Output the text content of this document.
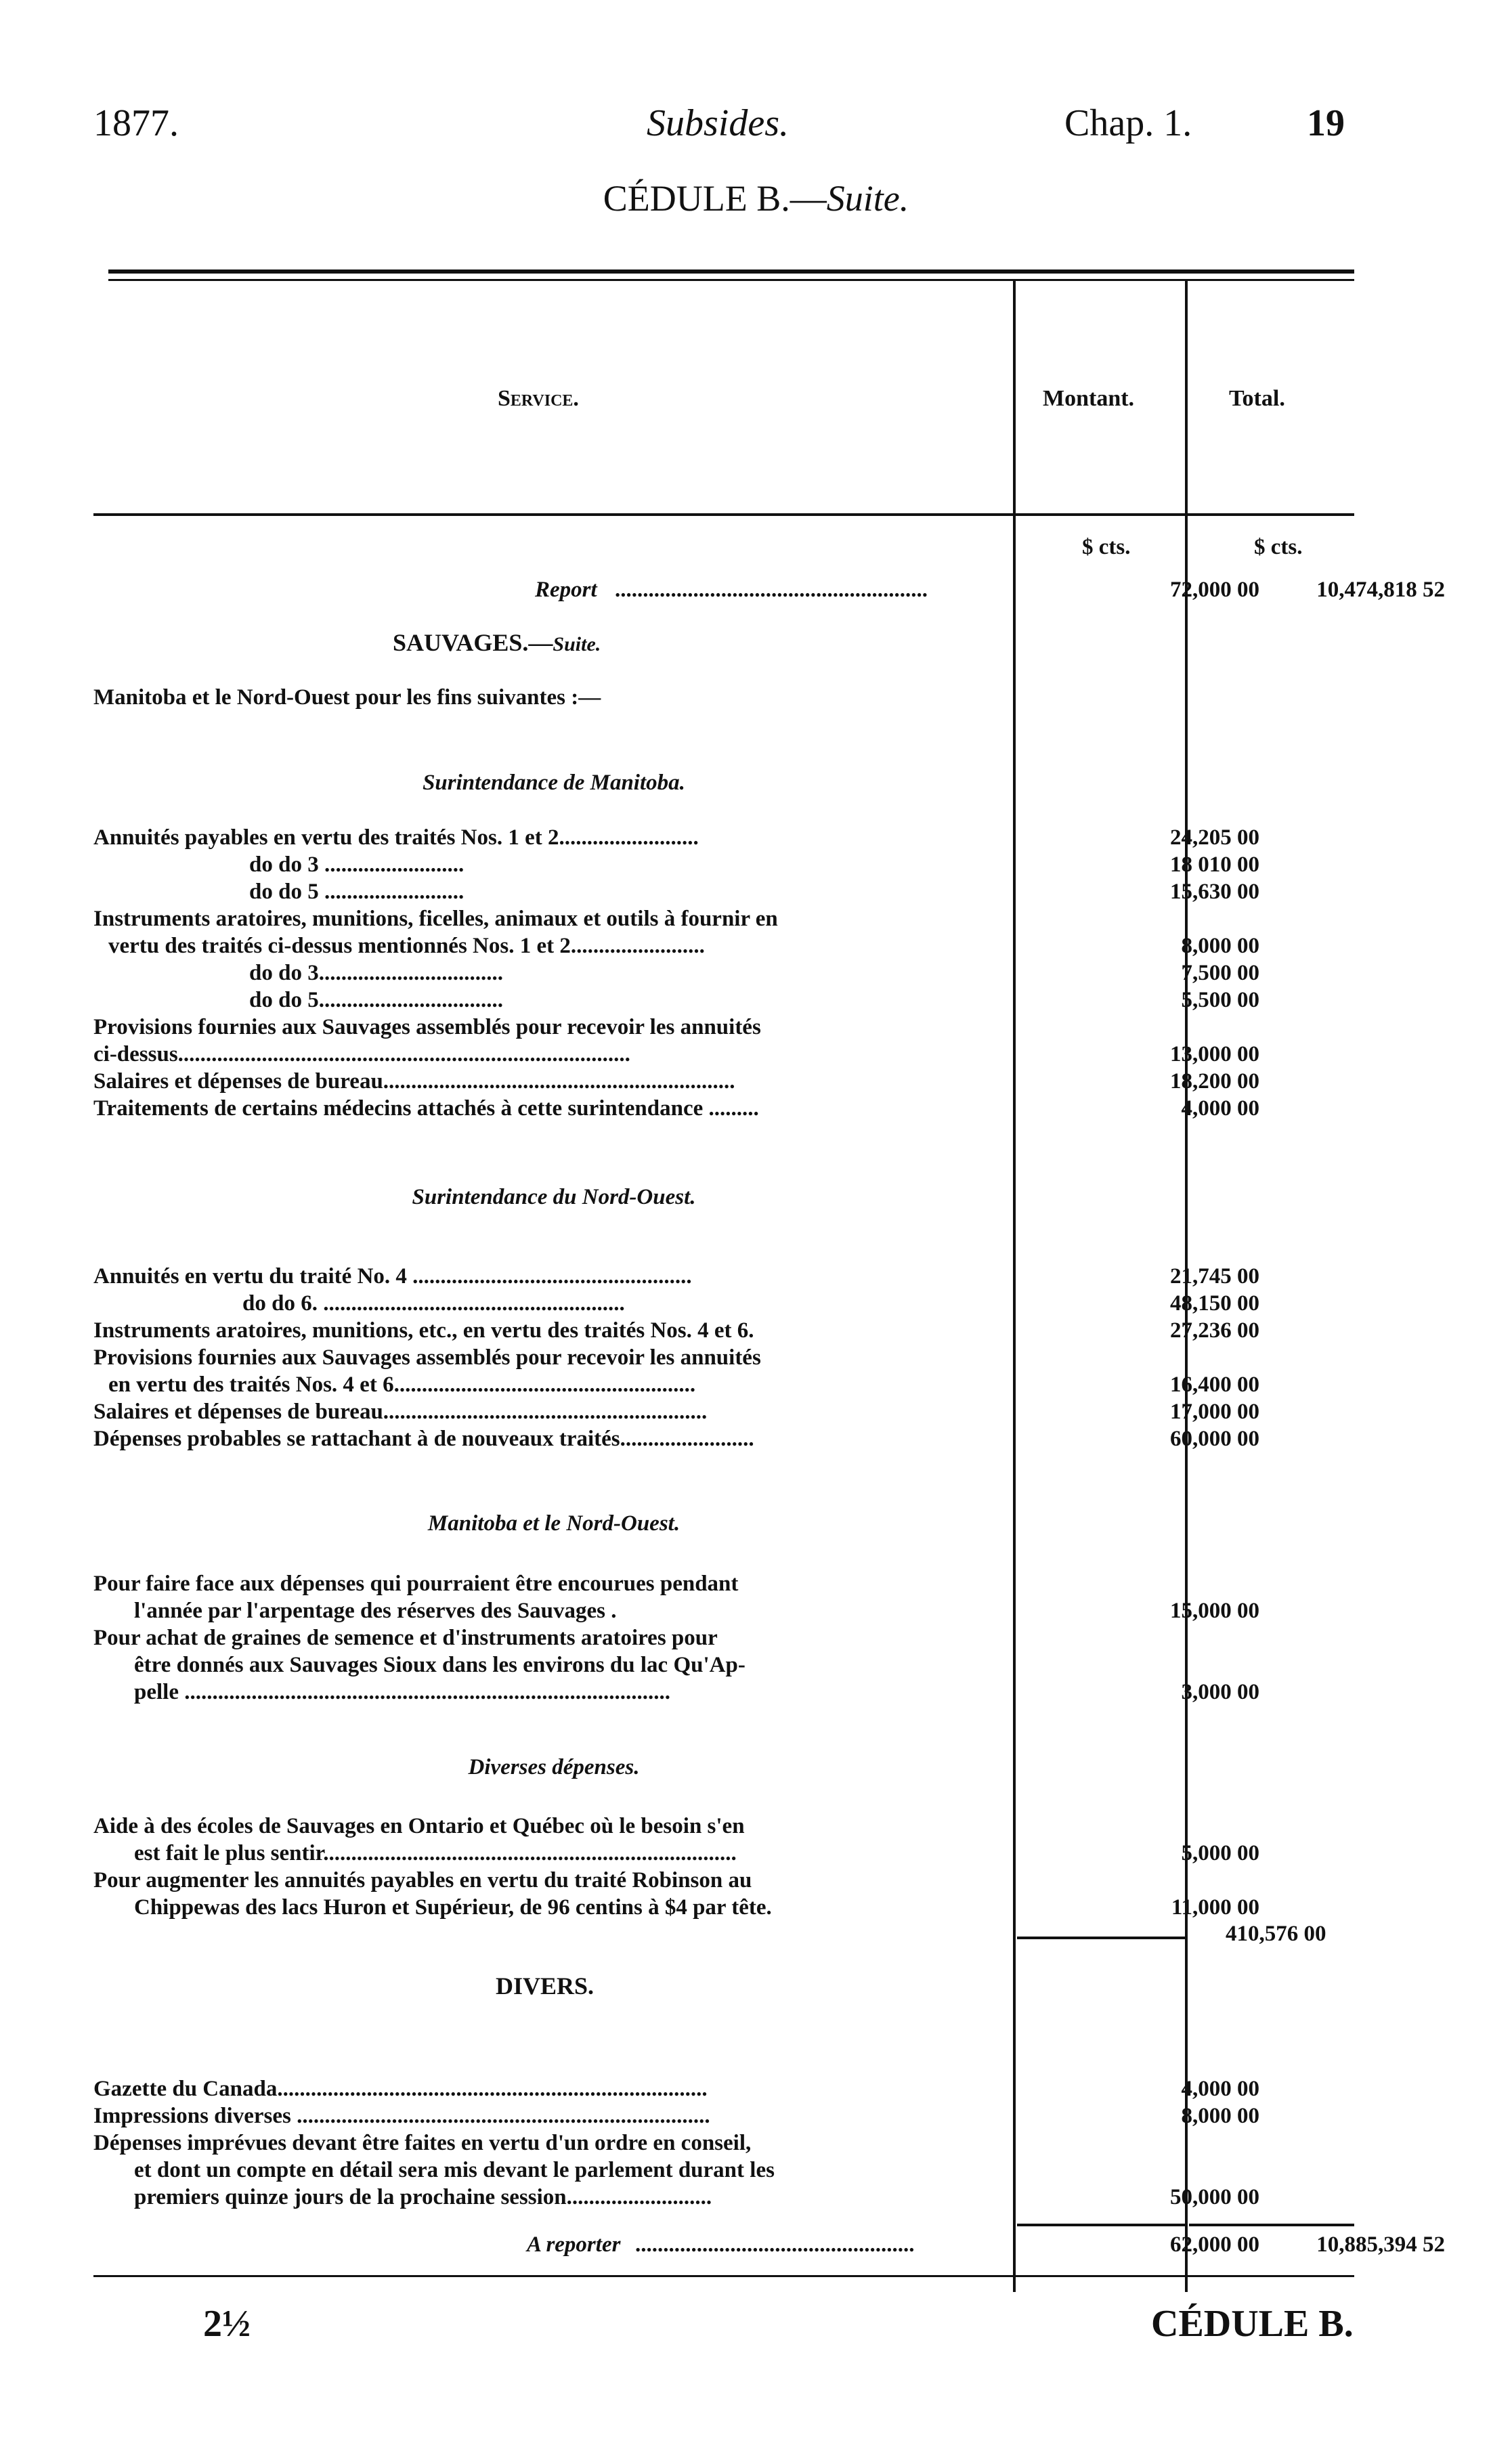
1877.	Subsides.	Chap. 1.	19
CÉDULE B.—Suite.
Service.	Montant.	Total.
$ cts.	$ cts.
Report ........................................................	72,000 00	10,474,818 52
SAUVAGES.—Suite.
Manitoba et le Nord-Ouest pour les fins suivantes :—
Surintendance de Manitoba.
Annuités payables en vertu des traités Nos. 1 et 2.........................	24,205 00
do do 3 .........................	18 010 00
do do 5 .........................	15,630 00
Instruments aratoires, munitions, ficelles, animaux et outils à fournir en
vertu des traités ci-dessus mentionnés Nos. 1 et 2........................	8,000 00
do do 3.................................	7,500 00
do do 5.................................	5,500 00
Provisions fournies aux Sauvages assemblés pour recevoir les annuités
ci-dessus.................................................................................	13,000 00
Salaires et dépenses de bureau...............................................................	18,200 00
Traitements de certains médecins attachés à cette surintendance .........	4,000 00
Surintendance du Nord-Ouest.
Annuités en vertu du traité No. 4 ..................................................	21,745 00
do do 6. ......................................................	48,150 00
Instruments aratoires, munitions, etc., en vertu des traités Nos. 4 et 6.	27,236 00
Provisions fournies aux Sauvages assemblés pour recevoir les annuités
en vertu des traités Nos. 4 et 6......................................................	16,400 00
Salaires et dépenses de bureau..........................................................	17,000 00
Dépenses probables se rattachant à de nouveaux traités........................	60,000 00
Manitoba et le Nord-Ouest.
Pour faire face aux dépenses qui pourraient être encourues pendant
l'année par l'arpentage des réserves des Sauvages .	15,000 00
Pour achat de graines de semence et d'instruments aratoires pour
être donnés aux Sauvages Sioux dans les environs du lac Qu'Ap-
pelle .......................................................................................	3,000 00
Diverses dépenses.
Aide à des écoles de Sauvages en Ontario et Québec où le besoin s'en
est fait le plus sentir..........................................................................	5,000 00
Pour augmenter les annuités payables en vertu du traité Robinson au
Chippewas des lacs Huron et Supérieur, de 96 centins à $4 par tête.	11,000 00
410,576 00
DIVERS.
Gazette du Canada.............................................................................	4,000 00
Impressions diverses ..........................................................................	8,000 00
Dépenses imprévues devant être faites en vertu d'un ordre en conseil,
et dont un compte en détail sera mis devant le parlement durant les
premiers quinze jours de la prochaine session..........................	50,000 00
A reporter ..................................................	62,000 00	10,885,394 52
2½	CÉDULE B.
